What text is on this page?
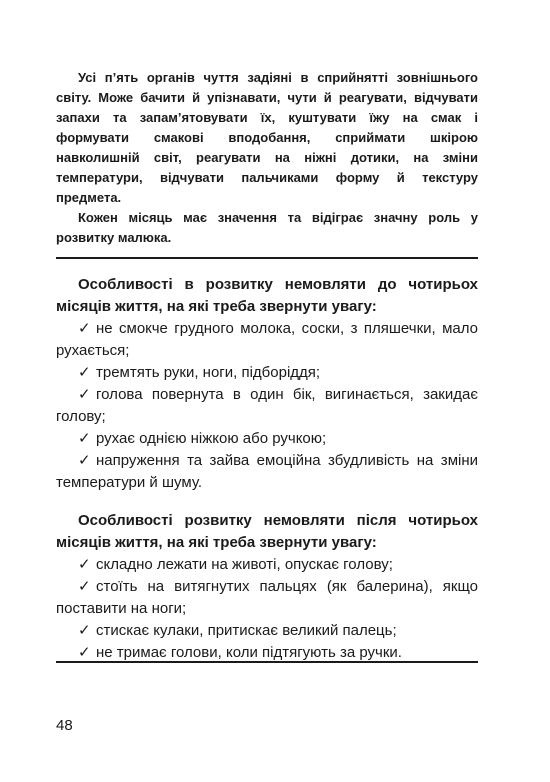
Усі п’ять органів чуття задіяні в сприйнятті зовнішнього світу. Може бачити й упізнавати, чути й реагувати, відчувати запахи та запам’ятовувати їх, куштувати їжу на смак і формувати смакові вподобання, сприймати шкірою навколишній світ, реагувати на ніжні дотики, на зміни температури, відчувати пальчиками форму й текстуру предмета.

Кожен місяць має значення та відіграє значну роль у розвитку малюка.

Особливості в розвитку немовляти до чотирьох місяців життя, на які треба звернути увагу:

✓ не смокче грудного молока, соски, з пляшечки, мало рухається;
✓ тремтять руки, ноги, підборіддя;
✓ голова повернута в один бік, вигинається, закидає голову;
✓ рухає однією ніжкою або ручкою;
✓ напруження та зайва емоційна збудливість на зміни температури й шуму.

Особливості розвитку немовляти після чотирьох місяців життя, на які треба звернути увагу:

✓ складно лежати на животі, опускає голову;
✓ стоїть на витягнутих пальцях (як балерина), якщо поставити на ноги;
✓ стискає кулаки, притискає великий палець;
✓ не тримає голови, коли підтягують за ручки.
48
